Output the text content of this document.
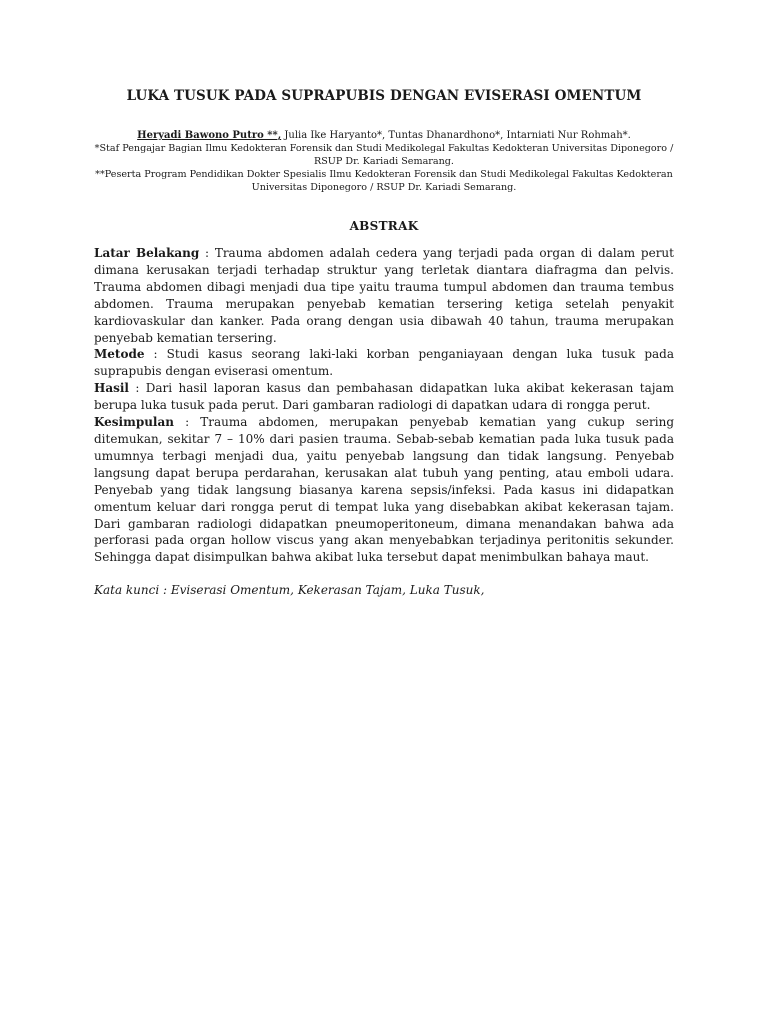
LUKA TUSUK PADA SUPRAPUBIS DENGAN EVISERASI OMENTUM

Heryadi Bawono Putro **, Julia Ike Haryanto*, Tuntas Dhanardhono*, Intarniati Nur Rohmah*.

*Staf Pengajar Bagian Ilmu Kedokteran Forensik dan Studi Medikolegal Fakultas Kedokteran Universitas Diponegoro / RSUP Dr. Kariadi Semarang.

**Peserta Program Pendidikan Dokter Spesialis Ilmu Kedokteran Forensik dan Studi Medikolegal Fakultas Kedokteran Universitas Diponegoro / RSUP Dr. Kariadi Semarang.

ABSTRAK

Latar Belakang : Trauma abdomen adalah cedera yang terjadi pada organ di dalam perut dimana kerusakan terjadi terhadap struktur yang terletak diantara diafragma dan pelvis. Trauma abdomen dibagi menjadi dua tipe yaitu trauma tumpul abdomen dan trauma tembus abdomen. Trauma merupakan penyebab kematian tersering ketiga setelah penyakit kardiovaskular dan kanker. Pada orang dengan usia dibawah 40 tahun, trauma merupakan penyebab kematian tersering.

Metode : Studi kasus seorang laki-laki korban penganiayaan dengan luka tusuk pada suprapubis dengan eviserasi omentum.

Hasil : Dari hasil laporan kasus dan pembahasan didapatkan luka akibat kekerasan tajam berupa luka tusuk pada perut. Dari gambaran radiologi di dapatkan udara di rongga perut.

Kesimpulan : Trauma abdomen, merupakan penyebab kematian yang cukup sering ditemukan, sekitar 7 – 10% dari pasien trauma. Sebab-sebab kematian pada luka tusuk pada umumnya terbagi menjadi dua, yaitu penyebab langsung dan tidak langsung. Penyebab langsung dapat berupa perdarahan, kerusakan alat tubuh yang penting, atau emboli udara. Penyebab yang tidak langsung biasanya karena sepsis/infeksi. Pada kasus ini didapatkan omentum keluar dari rongga perut di tempat luka yang disebabkan akibat kekerasan tajam. Dari gambaran radiologi didapatkan pneumoperitoneum, dimana menandakan bahwa ada perforasi pada organ hollow viscus yang akan menyebabkan terjadinya peritonitis sekunder. Sehingga dapat disimpulkan bahwa akibat luka tersebut dapat menimbulkan bahaya maut.

Kata kunci : Eviserasi Omentum, Kekerasan Tajam, Luka Tusuk,
